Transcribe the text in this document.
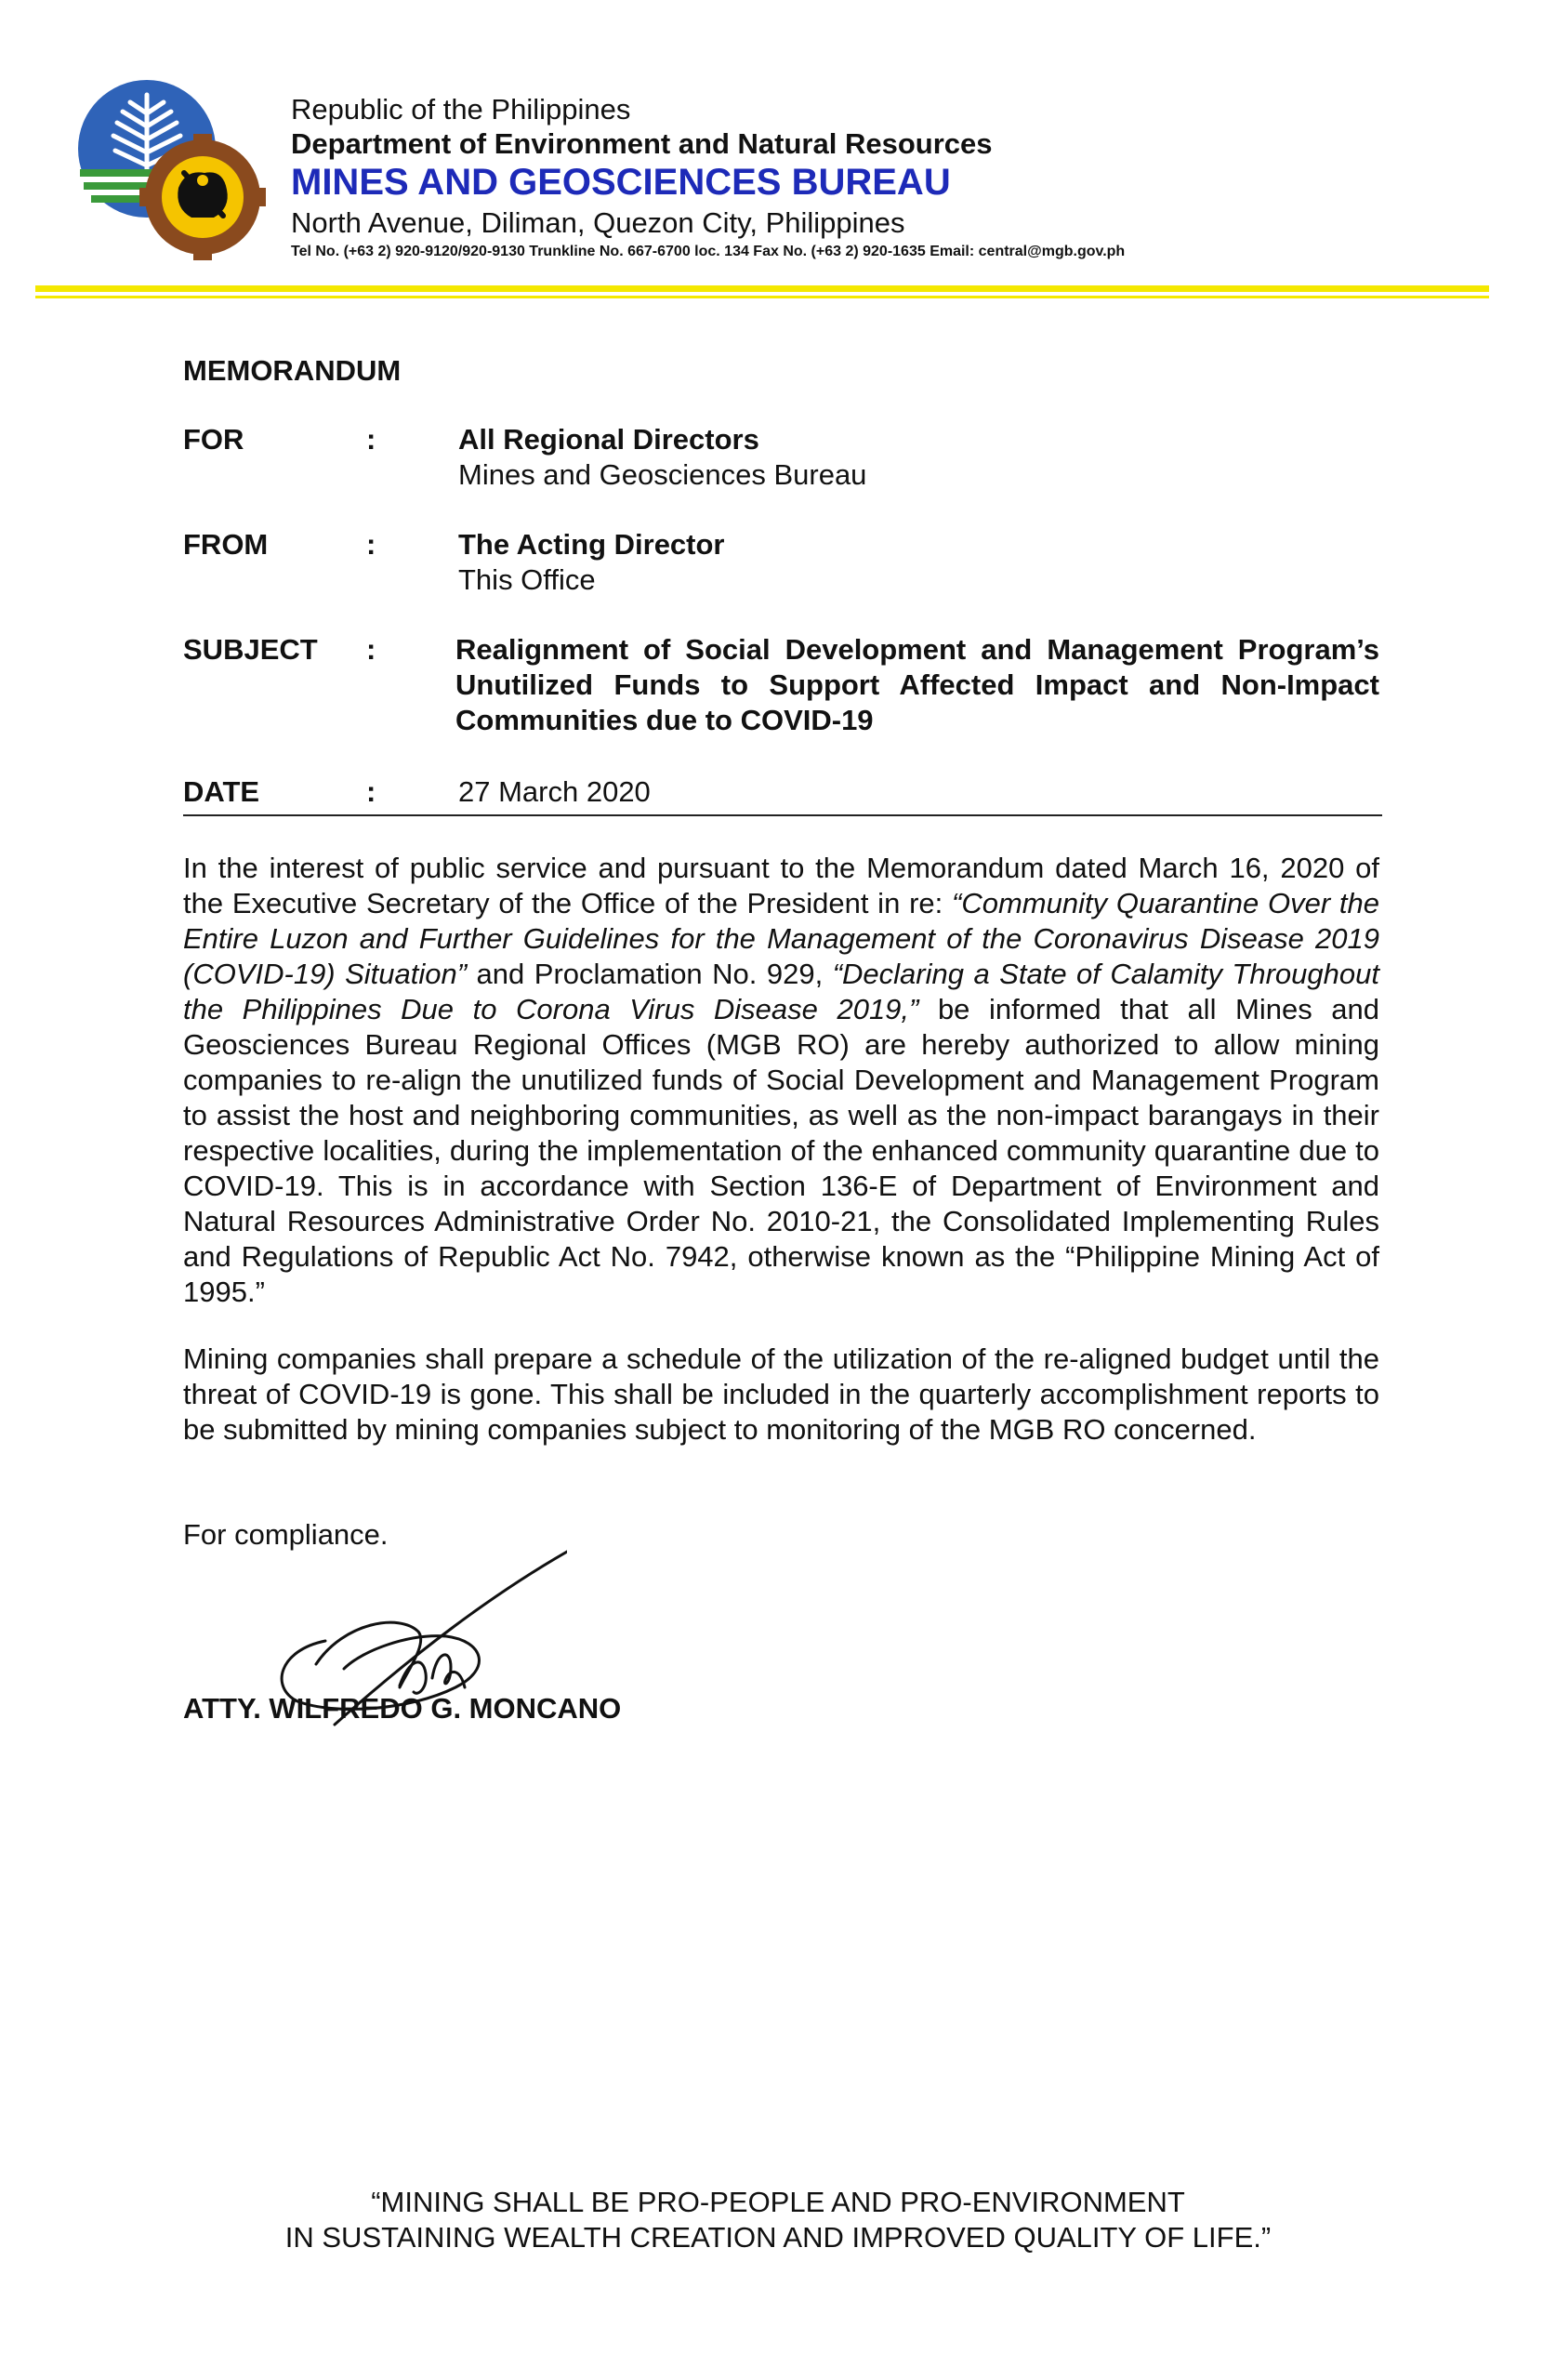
Republic of the Philippines
Department of Environment and Natural Resources
MINES AND GEOSCIENCES BUREAU
North Avenue, Diliman, Quezon City, Philippines
Tel No. (+63 2) 920-9120/920-9130 Trunkline No. 667-6700 loc. 134 Fax No. (+63 2) 920-1635 Email: central@mgb.gov.ph
MEMORANDUM
FOR	:	All Regional Directors
Mines and Geosciences Bureau
FROM	:	The Acting Director
This Office
SUBJECT :	Realignment of Social Development and Management Program’s Unutilized Funds to Support Affected Impact and Non-Impact Communities due to COVID-19
DATE	:	27 March 2020

In the interest of public service and pursuant to the Memorandum dated March 16, 2020 of the Executive Secretary of the Office of the President in re: “Community Quarantine Over the Entire Luzon and Further Guidelines for the Management of the Coronavirus Disease 2019 (COVID-19) Situation” and Proclamation No. 929, “Declaring a State of Calamity Throughout the Philippines Due to Corona Virus Disease 2019,” be informed that all Mines and Geosciences Bureau Regional Offices (MGB RO) are hereby authorized to allow mining companies to re-align the unutilized funds of Social Development and Management Program to assist the host and neighboring communities, as well as the non-impact barangays in their respective localities, during the implementation of the enhanced community quarantine due to COVID-19. This is in accordance with Section 136-E of Department of Environment and Natural Resources Administrative Order No. 2010-21, the Consolidated Implementing Rules and Regulations of Republic Act No. 7942, otherwise known as the “Philippine Mining Act of 1995.”

Mining companies shall prepare a schedule of the utilization of the re-aligned budget until the threat of COVID-19 is gone. This shall be included in the quarterly accomplishment reports to be submitted by mining companies subject to monitoring of the MGB RO concerned.

For compliance.
ATTY. WILFREDO G. MONCANO
“MINING SHALL BE PRO-PEOPLE AND PRO-ENVIRONMENT
IN SUSTAINING WEALTH CREATION AND IMPROVED QUALITY OF LIFE.”
